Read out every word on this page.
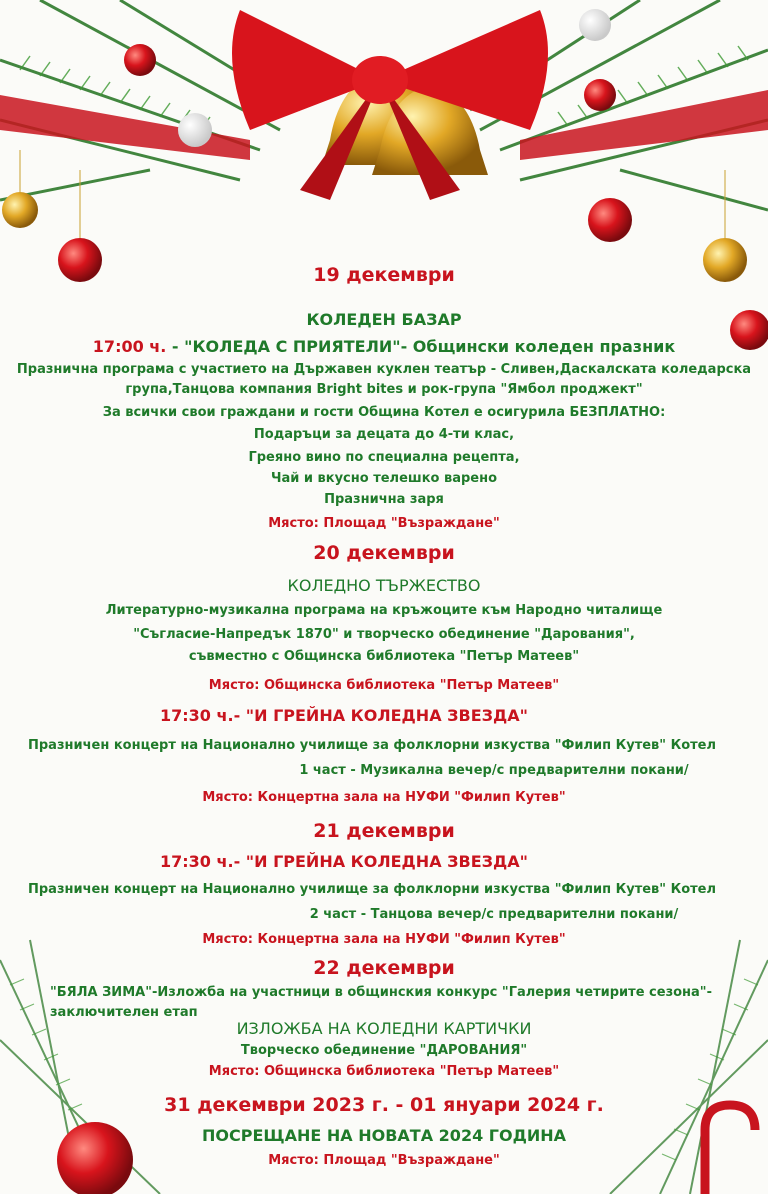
19 декември
КОЛЕДЕН БАЗАР
17:00 ч. - "КОЛЕДА С ПРИЯТЕЛИ"- Общински коледен празник
Празнична програма с участието на Държавен куклен театър - Сливен,Даскалската коледарска
група,Танцова компания Bright bites и рок-група "Ямбол проджект"
За всички свои граждани и гости Община Котел е осигурила БЕЗПЛАТНО:
Подаръци за децата до 4-ти клас,
Греяно вино по специална рецепта,
Чай и вкусно телешко варено
Празнична заря
Място: Площад "Възраждане"
20 декември
КОЛЕДНО ТЪРЖЕСТВО
Литературно-музикална програма на кръжоците към Народно читалище
"Съгласие-Напредък 1870" и творческо обединение "Дарования",
съвместно с Общинска библиотека "Петър Матеев"
Място: Общинска библиотека "Петър Матеев"
17:30 ч.- "И ГРЕЙНА КОЛЕДНА ЗВЕЗДА"
Празничен концерт на Национално училище за фолклорни изкуства "Филип Кутев" Котел
1 част - Музикална вечер/с предварителни покани/
Място: Концертна зала на НУФИ "Филип Кутев"
21 декември
17:30 ч.- "И ГРЕЙНА КОЛЕДНА ЗВЕЗДА"
Празничен концерт на Национално училище за фолклорни изкуства "Филип Кутев" Котел
2 част - Танцова вечер/с предварителни покани/
Място: Концертна зала на НУФИ "Филип Кутев"
22 декември
"БЯЛА ЗИМА"-Изложба на участници в общинския конкурс "Галерия четирите сезона"-
заключителен етап
ИЗЛОЖБА НА КОЛЕДНИ КАРТИЧКИ
Творческо обединение "ДАРОВАНИЯ"
Място: Общинска библиотека "Петър Матеев"
31 декември 2023 г. - 01 януари 2024 г.
ПОСРЕЩАНЕ НА НОВАТА 2024 ГОДИНА
Място: Площад "Възраждане"
